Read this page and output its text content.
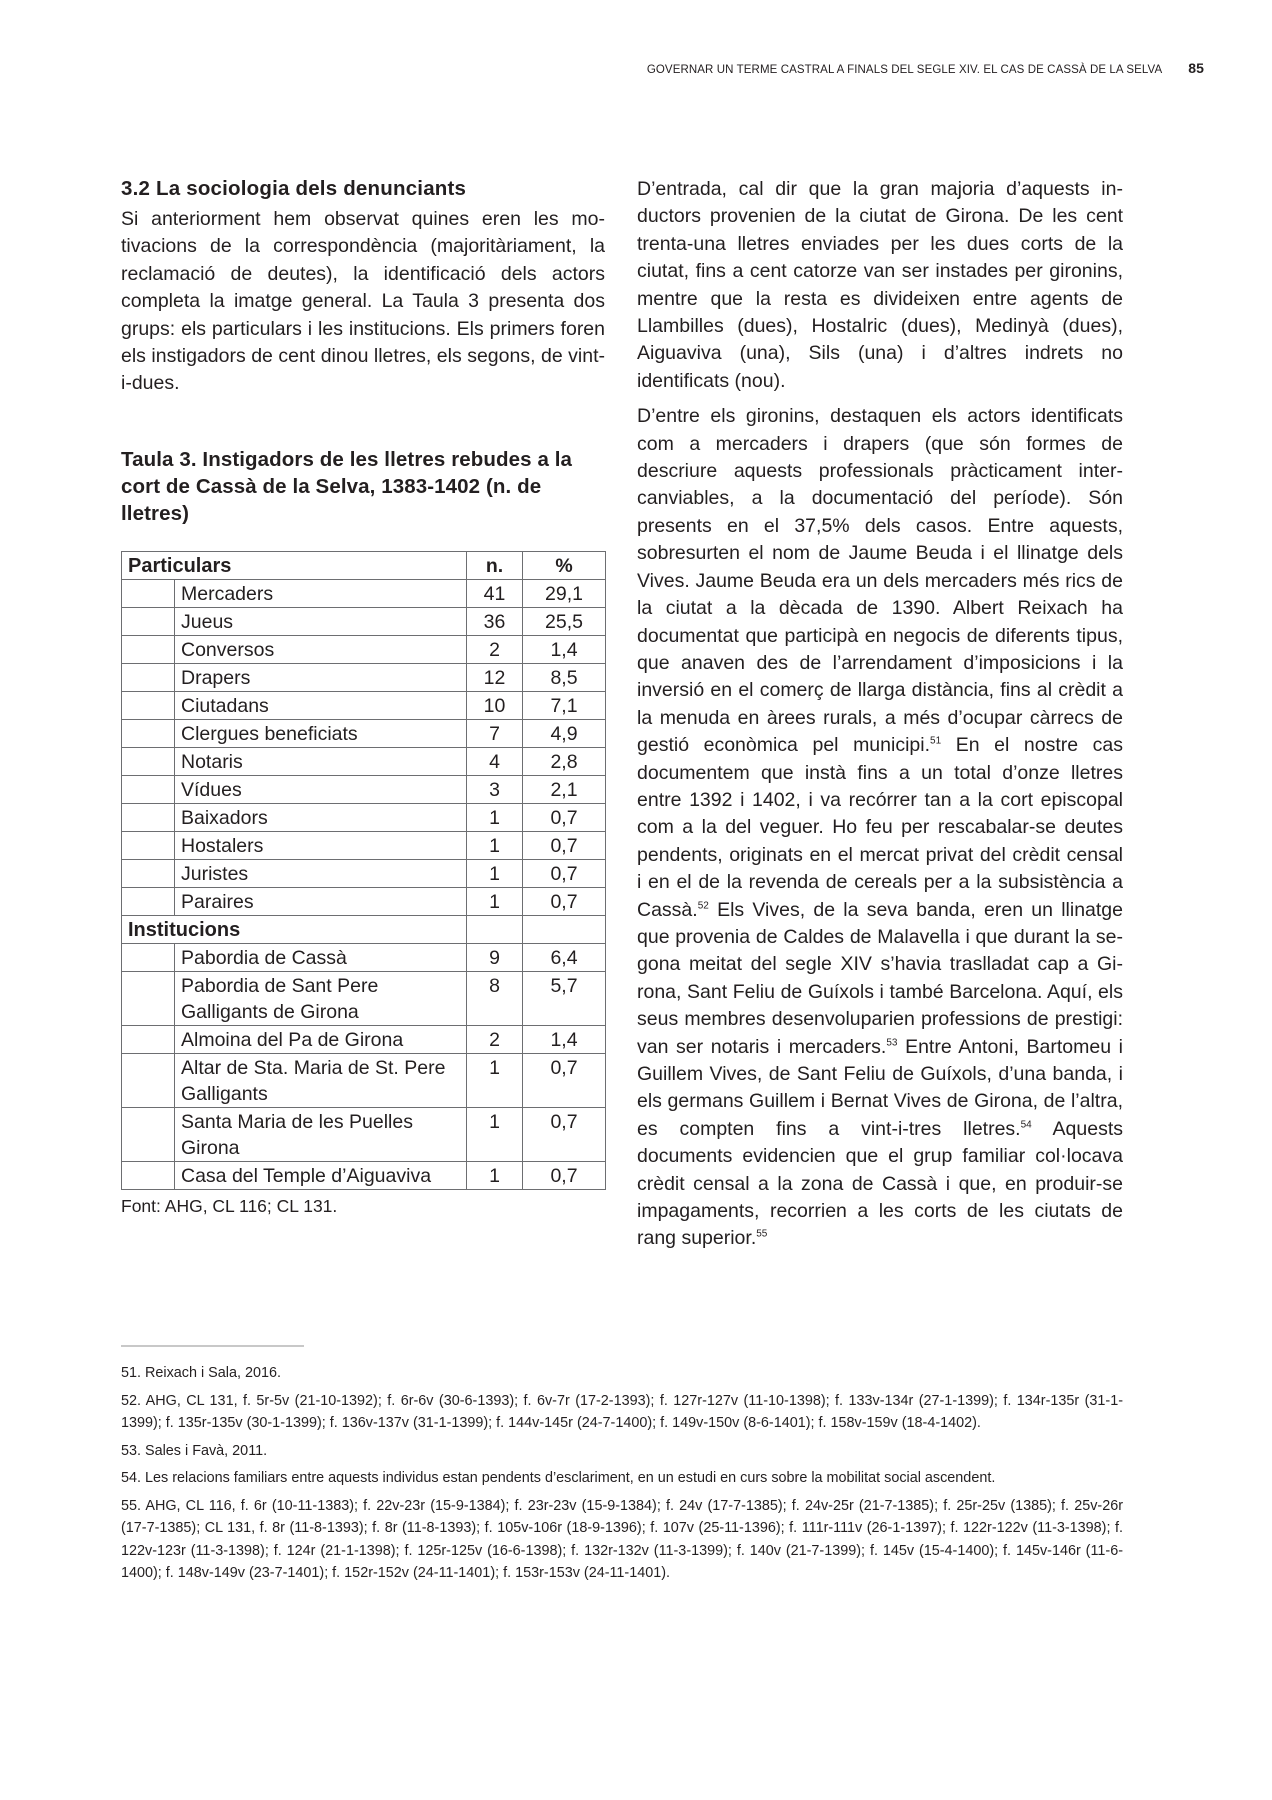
GOVERNAR UN TERME CASTRAL A FINALS DEL SEGLE XIV. EL CAS DE CASSÀ DE LA SELVA 85
3.2 La sociologia dels denunciants

Si anteriorment hem observat quines eren les motivacions de la correspondència (majoritàriament, la reclamació de deutes), la identificació dels actors completa la imatge general. La Taula 3 presenta dos grups: els particulars i les institucions. Els primers foren els instigadors de cent dinou lletres, els segons, de vint-i-dues.

Taula 3. Instigadors de les lletres rebudes a la cort de Cassà de la Selva, 1383-1402 (n. de lletres)
Particulars		n.	%
	Mercaders	41	29,1
	Jueus	36	25,5
	Conversos	2	1,4
	Drapers	12	8,5
	Ciutadans	10	7,1
	Clergues beneficiats	7	4,9
	Notaris	4	2,8
	Vídues	3	2,1
	Baixadors	1	0,7
	Hostalers	1	0,7
	Juristes	1	0,7
	Paraires	1	0,7
Institucions			
	Pabordia de Cassà	9	6,4
	Pabordia de Sant Pere Galligants de Girona	8	5,7
	Almoina del Pa de Girona	2	1,4
	Altar de Sta. Maria de St. Pere Galligants	1	0,7
	Santa Maria de les Puelles Girona	1	0,7
	Casa del Temple d’Aiguaviva	1	0,7
Font: AHG, CL 116; CL 131.

D’entrada, cal dir que la gran majoria d’aquests inductors provenien de la ciutat de Girona. De les cent trenta-una lletres enviades per les dues corts de la ciutat, fins a cent catorze van ser instades per gironins, mentre que la resta es divideixen entre agents de Llambilles (dues), Hostalric (dues), Medinyà (dues), Aiguaviva (una), Sils (una) i d’altres indrets no identificats (nou).

D’entre els gironins, destaquen els actors identificats com a mercaders i drapers (que són formes de descriure aquests professionals pràcticament intercanviables, a la documentació del període). Són presents en el 37,5% dels casos. Entre aquests, sobresurten el nom de Jaume Beuda i el llinatge dels Vives. Jaume Beuda era un dels mercaders més rics de la ciutat a la dècada de 1390. Albert Reixach ha documentat que participà en negocis de diferents tipus, que anaven des de l’arrendament d’imposicions i la inversió en el comerç de llarga distància, fins al crèdit a la menuda en àrees rurals, a més d’ocupar càrrecs de gestió econòmica pel municipi.$^{51}$ En el nostre cas documentem que instà fins a un total d’onze lletres entre 1392 i 1402, i va recórrer tan a la cort episcopal com a la del veguer. Ho feu per rescabalar-se deutes pendents, originats en el mercat privat del crèdit censal i en el de la revenda de cereals per a la subsistència a Cassà.$^{52}$ Els Vives, de la seva banda, eren un llinatge que provenia de Caldes de Malavella i que durant la segona meitat del segle XIV s’havia traslladat cap a Girona, Sant Feliu de Guíxols i també Barcelona. Aquí, els seus membres desenvoluparien professions de prestigi: van ser notaris i mercaders.$^{53}$ Entre Antoni, Bartomeu i Guillem Vives, de Sant Feliu de Guíxols, d’una banda, i els germans Guillem i Bernat Vives de Girona, de l’altra, es compten fins a vint-i-tres lletres.$^{54}$ Aquests documents evidencien que el grup familiar col·locava crèdit censal a la zona de Cassà i que, en produir-se impagaments, recorrien a les corts de les ciutats de rang superior.$^{55}$

51. Reixach i Sala, 2016.

52. AHG, CL 131, f. 5r-5v (21-10-1392); f. 6r-6v (30-6-1393); f. 6v-7r (17-2-1393); f. 127r-127v (11-10-1398); f. 133v-134r (27-1-1399); f. 134r-135r (31-1-1399); f. 135r-135v (30-1-1399); f. 136v-137v (31-1-1399); f. 144v-145r (24-7-1400); f. 149v-150v (8-6-1401); f. 158v-159v (18-4-1402).

53. Sales i Favà, 2011.

54. Les relacions familiars entre aquests individus estan pendents d’esclariment, en un estudi en curs sobre la mobilitat social ascendent.

55. AHG, CL 116, f. 6r (10-11-1383); f. 22v-23r (15-9-1384); f. 23r-23v (15-9-1384); f. 24v (17-7-1385); f. 24v-25r (21-7-1385); f. 25r-25v (1385); f. 25v-26r (17-7-1385); CL 131, f. 8r (11-8-1393); f. 8r (11-8-1393); f. 105v-106r (18-9-1396); f. 107v (25-11-1396); f. 111r-111v (26-1-1397); f. 122r-122v (11-3-1398); f. 122v-123r (11-3-1398); f. 124r (21-1-1398); f. 125r-125v (16-6-1398); f. 132r-132v (11-3-1399); f. 140v (21-7-1399); f. 145v (15-4-1400); f. 145v-146r (11-6-1400); f. 148v-149v (23-7-1401); f. 152r-152v (24-11-1401); f. 153r-153v (24-11-1401).
